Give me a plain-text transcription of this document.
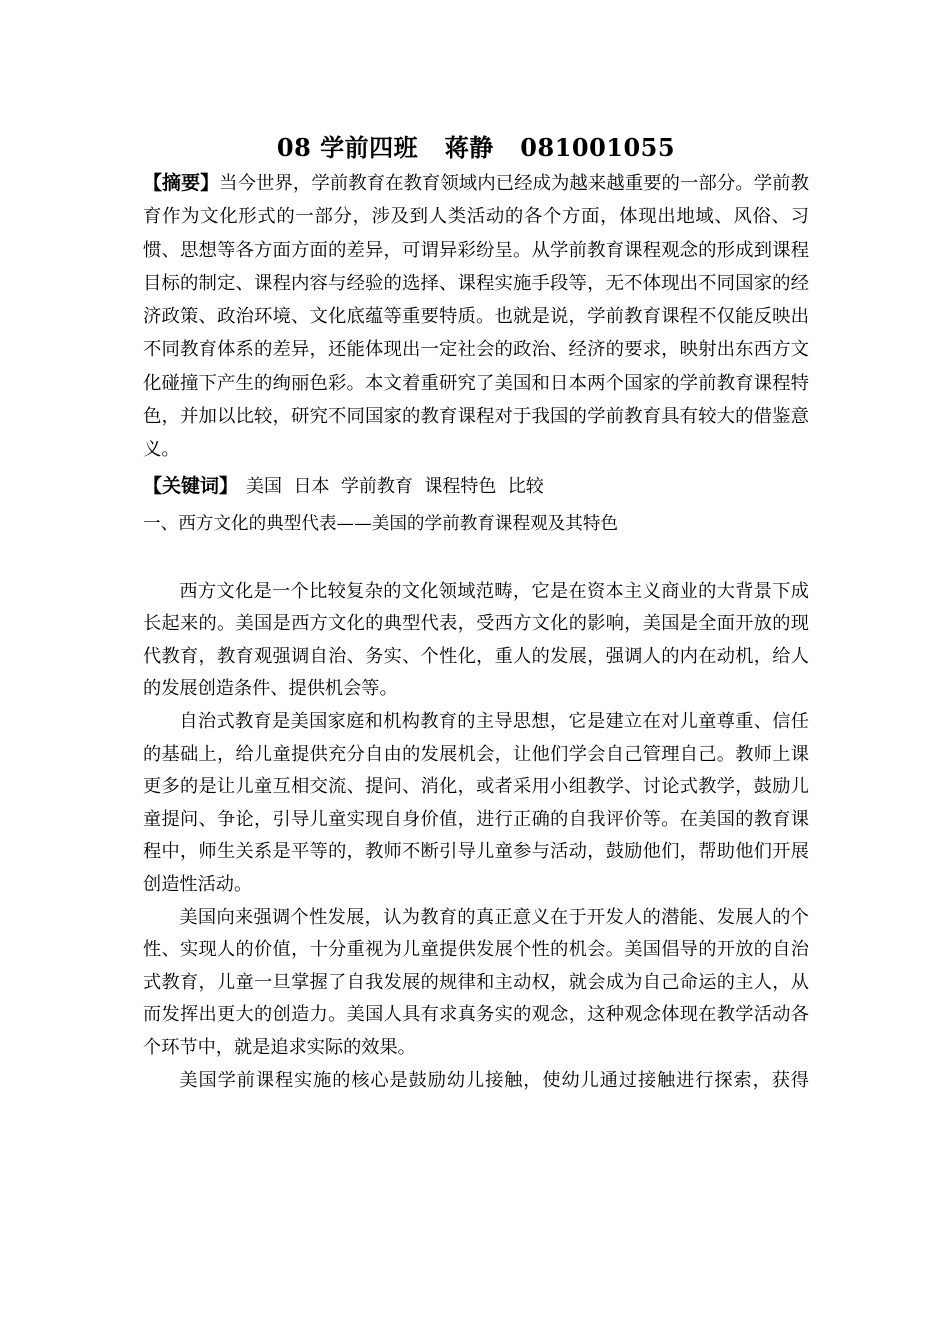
08 学前四班   蒋静   081001055
【摘要】当今世界，学前教育在教育领域内已经成为越来越重要的一部分。学前教育作为文化形式的一部分，涉及到人类活动的各个方面，体现出地域、风俗、习惯、思想等各方面方面的差异，可谓异彩纷呈。从学前教育课程观念的形成到课程目标的制定、课程内容与经验的选择、课程实施手段等，无不体现出不同国家的经济政策、政治环境、文化底蕴等重要特质。也就是说，学前教育课程不仅能反映出不同教育体系的差异，还能体现出一定社会的政治、经济的要求，映射出东西方文化碰撞下产生的绚丽色彩。本文着重研究了美国和日本两个国家的学前教育课程特色，并加以比较，研究不同国家的教育课程对于我国的学前教育具有较大的借鉴意义。
【关键词】 美国  日本  学前教育  课程特色  比较
一、西方文化的典型代表——美国的学前教育课程观及其特色

西方文化是一个比较复杂的文化领域范畴，它是在资本主义商业的大背景下成长起来的。美国是西方文化的典型代表，受西方文化的影响，美国是全面开放的现代教育，教育观强调自治、务实、个性化，重人的发展，强调人的内在动机，给人的发展创造条件、提供机会等。

自治式教育是美国家庭和机构教育的主导思想，它是建立在对儿童尊重、信任的基础上，给儿童提供充分自由的发展机会，让他们学会自己管理自己。教师上课更多的是让儿童互相交流、提问、消化，或者采用小组教学、讨论式教学，鼓励儿童提问、争论，引导儿童实现自身价值，进行正确的自我评价等。在美国的教育课程中，师生关系是平等的，教师不断引导儿童参与活动，鼓励他们，帮助他们开展创造性活动。

美国向来强调个性发展，认为教育的真正意义在于开发人的潜能、发展人的个性、实现人的价值，十分重视为儿童提供发展个性的机会。美国倡导的开放的自治式教育，儿童一旦掌握了自我发展的规律和主动权，就会成为自己命运的主人，从而发挥出更大的创造力。美国人具有求真务实的观念，这种观念体现在教学活动各个环节中，就是追求实际的效果。

美国学前课程实施的核心是鼓励幼儿接触，使幼儿通过接触进行探索，获得
